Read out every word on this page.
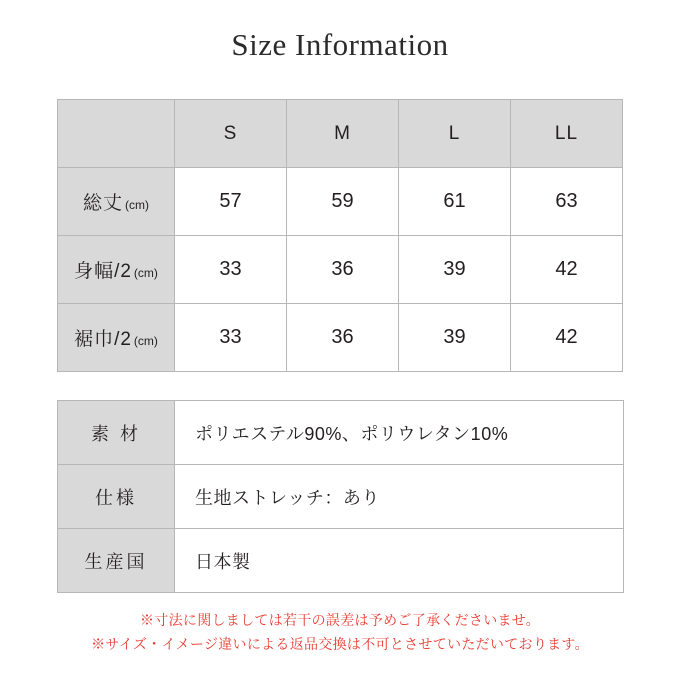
Size Information
	S	M	L	LL
総丈 (cm)	57	59	61	63
身幅/2 (cm)	33	36	39	42
裾巾/2 (cm)	33	36	39	42
素 材	ポリエステル90%、ポリウレタン10%
仕様	生地ストレッチ：あり
生産国	日本製
※寸法に関しましては若干の誤差は予めご了承くださいませ。
※サイズ・イメージ違いによる返品交換は不可とさせていただいております。
